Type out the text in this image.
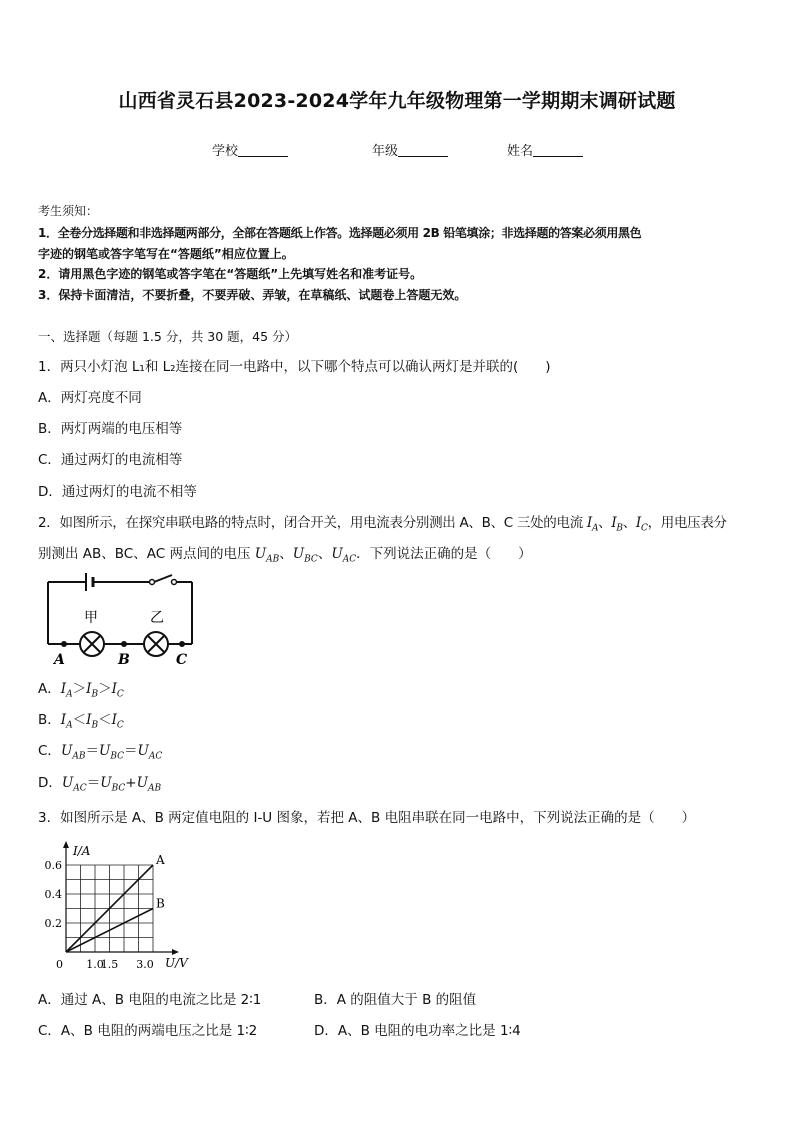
山西省灵石县2023-2024学年九年级物理第一学期期末调研试题
学校	年级	姓名
考生须知：
1．全卷分选择题和非选择题两部分，全部在答题纸上作答。选择题必须用 2B 铅笔填涂；非选择题的答案必须用黑色
字迹的钢笔或答字笔写在“答题纸”相应位置上。
2．请用黑色字迹的钢笔或答字笔在“答题纸”上先填写姓名和准考证号。
3．保持卡面清洁，不要折叠，不要弄破、弄皱，在草稿纸、试题卷上答题无效。
一、选择题（每题 1.5 分，共 30 题，45 分）
1．两只小灯泡 L₁和 L₂连接在同一电路中，以下哪个特点可以确认两灯是并联的(　　)
A．两灯亮度不同
B．两灯两端的电压相等
C．通过两灯的电流相等
D．通过两灯的电流不相等
2．如图所示，在探究串联电路的特点时，闭合开关，用电流表分别测出 A、B、C 三处的电流 $I_A$、$I_B$、$I_C$，用电压表分
别测出 AB、BC、AC 两点间的电压 $U_{AB}$、$U_{BC}$、$U_{AC}$．下列说法正确的是（　　）
甲	乙
A	B	C
A．$I_A>I_B>I_C$
B．$I_A<I_B<I_C$
C．$U_{AB}=U_{BC}=U_{AC}$
D．$U_{AC}=U_{BC}+U_{AB}$
3．如图所示是 A、B 两定值电阻的 I-U 图象，若把 A、B 电阻串联在同一电路中，下列说法正确的是（　　）
A
B
I/A
U/V
0.2
0.4
0.6
0 1.0
1.5 3.0
A．通过 A、B 电阻的电流之比是 2∶1	B．A 的阻值大于 B 的阻值
C．A、B 电阻的两端电压之比是 1∶2	D．A、B 电阻的电功率之比是 1∶4
